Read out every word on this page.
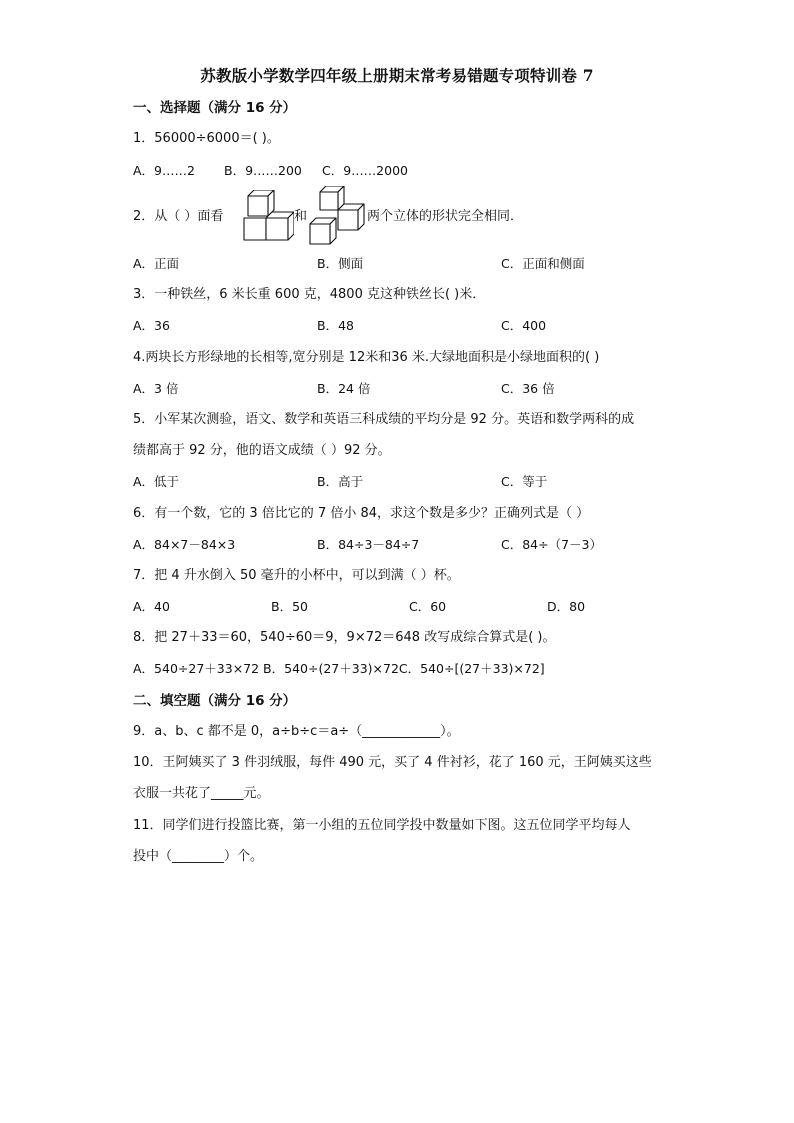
苏教版小学数学四年级上册期末常考易错题专项特训卷 7
一、选择题（满分 16 分）
1．56000÷6000＝( )。
A．9……2 B．9……200 C．9……2000
2．从（ ）面看	和	两个立体的形状完全相同．
A．正面	B．侧面	C．正面和侧面
3．一种铁丝，6 米长重 600 克，4800 克这种铁丝长( )米．
A．36	B．48	C．400
4.两块长方形绿地的长相等,宽分别是 12米和36 米.大绿地面积是小绿地面积的( )
A．3 倍	B．24 倍	C．36 倍
5．小军某次测验，语文、数学和英语三科成绩的平均分是 92 分。英语和数学两科的成
绩都高于 92 分，他的语文成绩（ ）92 分。
A．低于	B．高于	C．等于
6．有一个数，它的 3 倍比它的 7 倍小 84，求这个数是多少？正确列式是（ ）
A．84×7－84×3	B．84÷3－84÷7	C．84÷（7－3）
7．把 4 升水倒入 50 毫升的小杯中，可以到满（ ）杯。
A．40	B．50	C．60	D．80
8．把 27＋33＝60，540÷60＝9，9×72＝648 改写成综合算式是( )。
A．540÷27＋33×72 B．540÷(27＋33)×72C．540÷[(27＋33)×72]
二、填空题（满分 16 分）
9．a、b、c 都不是 0，a÷b÷c＝a÷（____________）。
10．王阿姨买了 3 件羽绒服，每件 490 元，买了 4 件衬衫，花了 160 元，王阿姨买这些
衣服一共花了_____元。
11．同学们进行投篮比赛，第一小组的五位同学投中数量如下图。这五位同学平均每人
投中（________）个。
